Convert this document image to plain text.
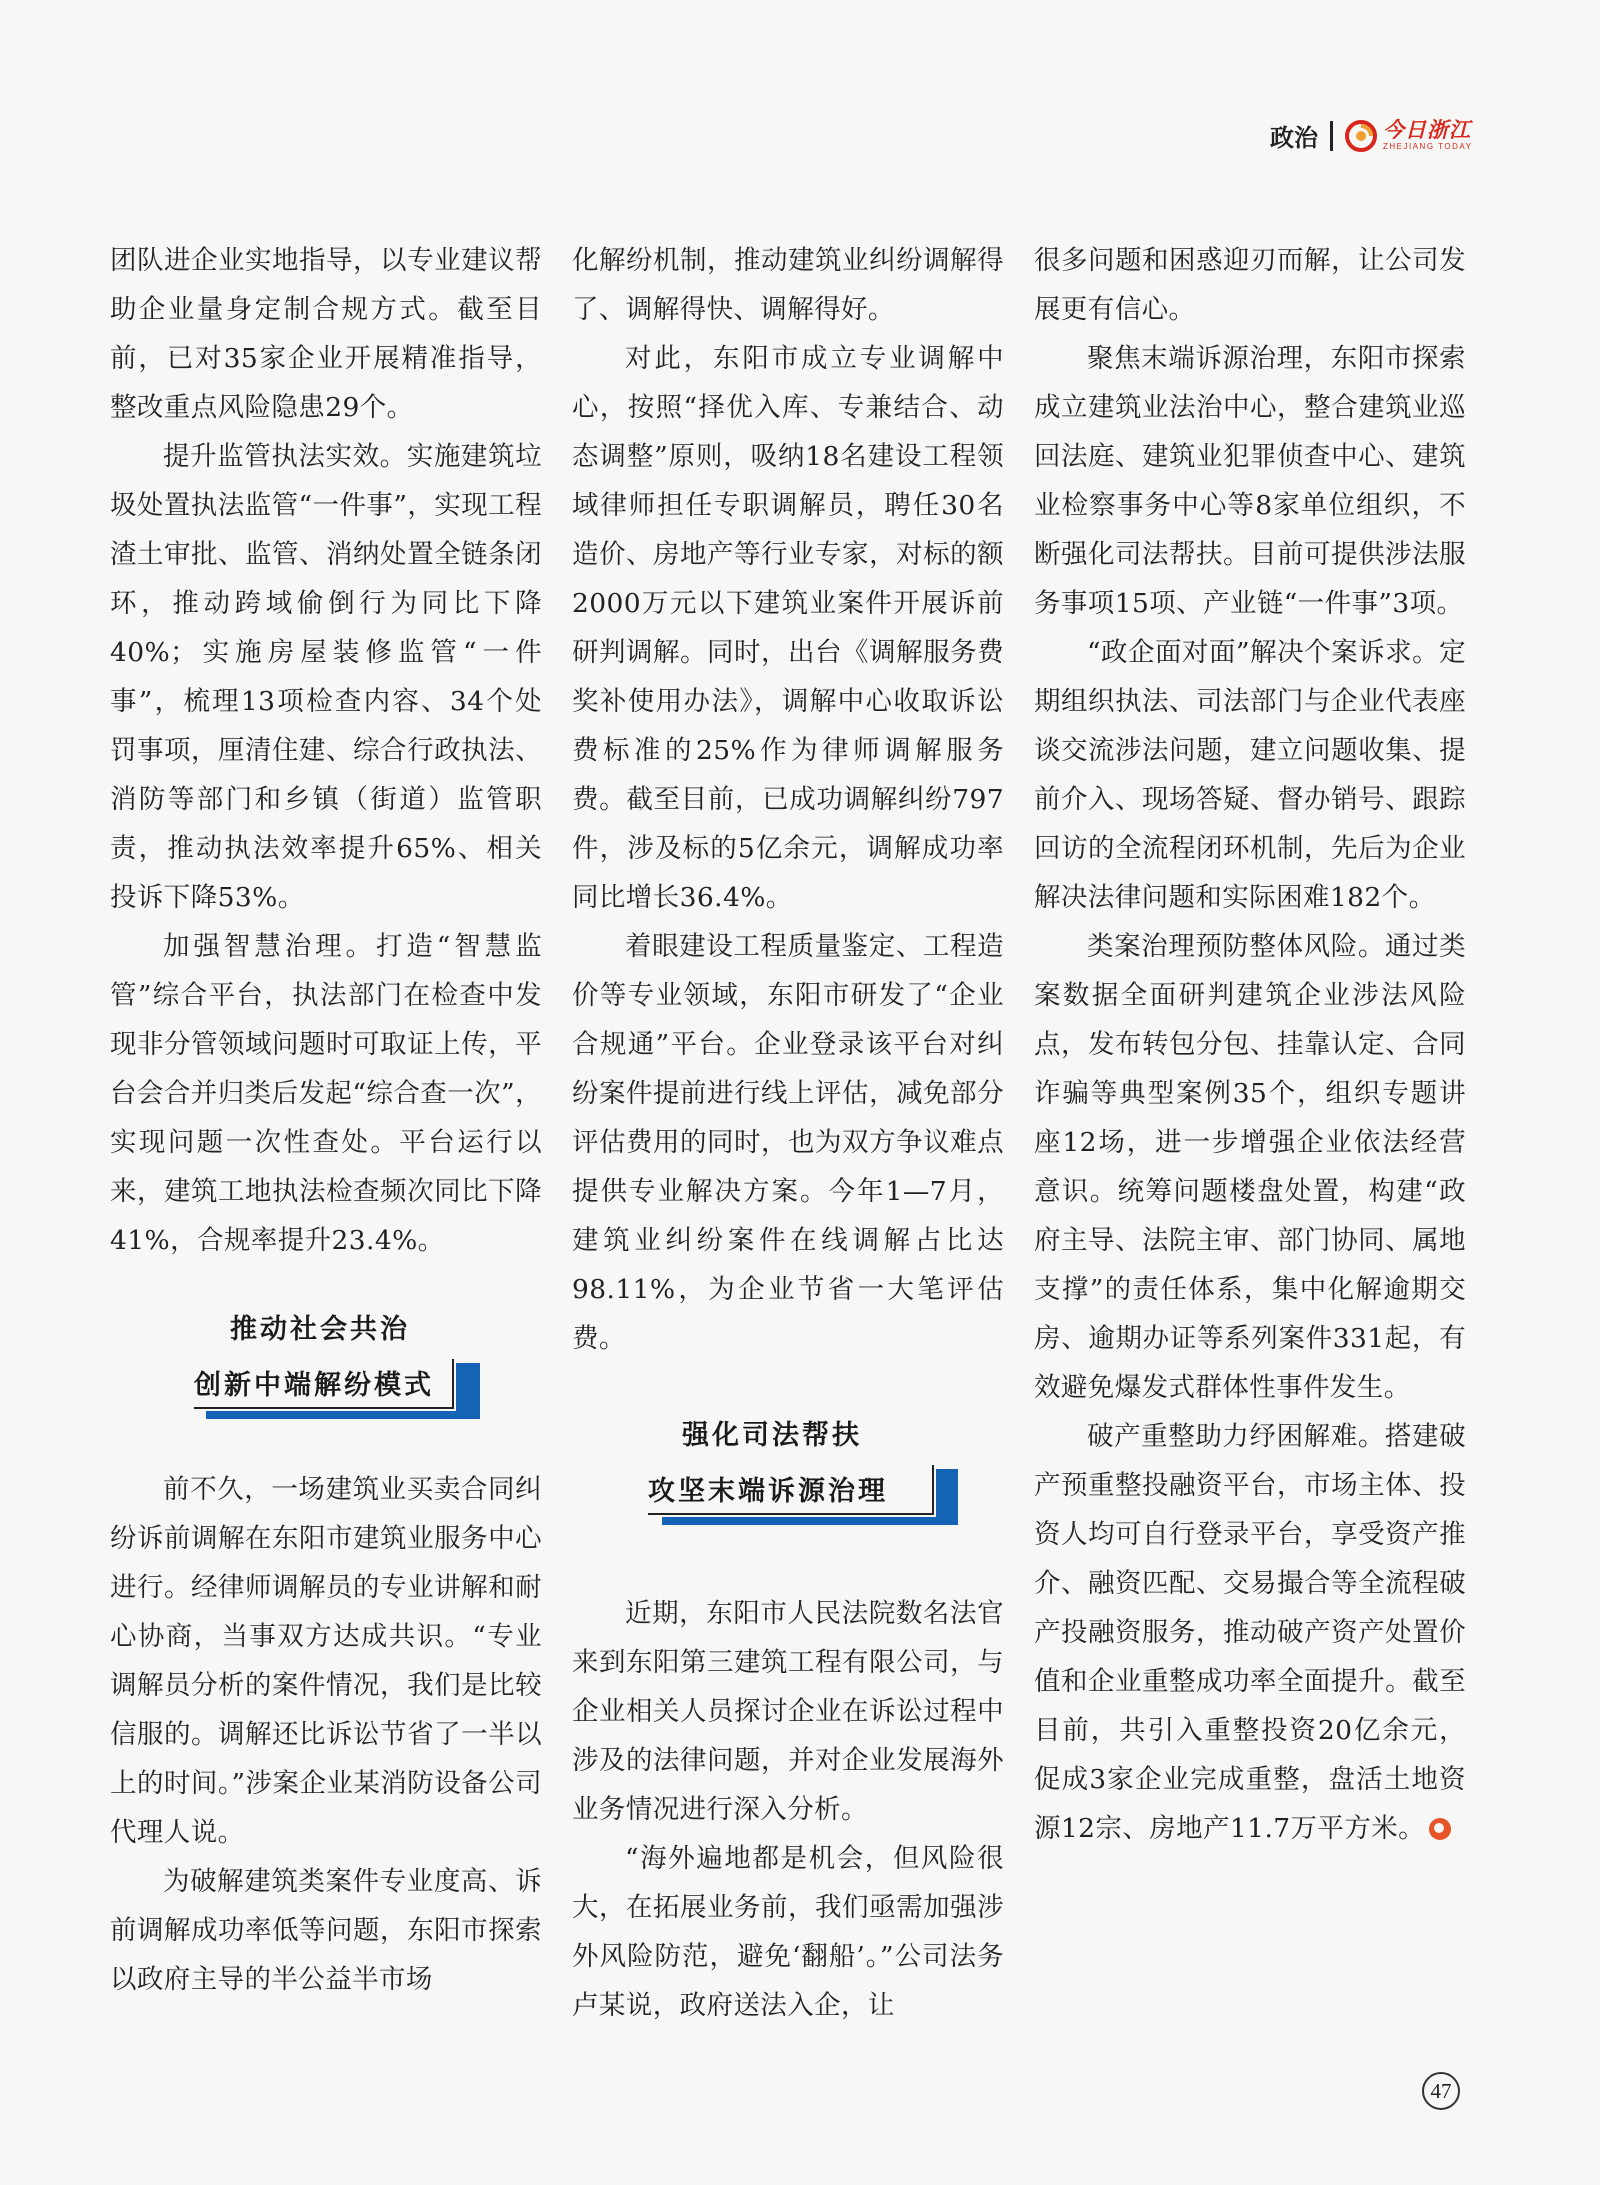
政治	今日浙江
ZHEJIANG TODAY

团队进企业实地指导，以专业建议帮助企业量身定制合规方式。截至目前，已对35家企业开展精准指导，整改重点风险隐患29个。

提升监管执法实效。实施建筑垃圾处置执法监管“一件事”，实现工程渣土审批、监管、消纳处置全链条闭环，推动跨域偷倒行为同比下降40%；实施房屋装修监管“一件事”，梳理13项检查内容、34个处罚事项，厘清住建、综合行政执法、消防等部门和乡镇（街道）监管职责，推动执法效率提升65%、相关投诉下降53%。

加强智慧治理。打造“智慧监管”综合平台，执法部门在检查中发现非分管领域问题时可取证上传，平台会合并归类后发起“综合查一次”，实现问题一次性查处。平台运行以来，建筑工地执法检查频次同比下降41%，合规率提升23.4%。

推动社会共治
创新中端解纷模式

前不久，一场建筑业买卖合同纠纷诉前调解在东阳市建筑业服务中心进行。经律师调解员的专业讲解和耐心协商，当事双方达成共识。“专业调解员分析的案件情况，我们是比较信服的。调解还比诉讼节省了一半以上的时间。”涉案企业某消防设备公司代理人说。

为破解建筑类案件专业度高、诉前调解成功率低等问题，东阳市探索以政府主导的半公益半市场

化解纷机制，推动建筑业纠纷调解得了、调解得快、调解得好。

对此，东阳市成立专业调解中心，按照“择优入库、专兼结合、动态调整”原则，吸纳18名建设工程领域律师担任专职调解员，聘任30名造价、房地产等行业专家，对标的额2000万元以下建筑业案件开展诉前研判调解。同时，出台《调解服务费奖补使用办法》，调解中心收取诉讼费标准的25%作为律师调解服务费。截至目前，已成功调解纠纷797件，涉及标的5亿余元，调解成功率同比增长36.4%。

着眼建设工程质量鉴定、工程造价等专业领域，东阳市研发了“企业合规通”平台。企业登录该平台对纠纷案件提前进行线上评估，减免部分评估费用的同时，也为双方争议难点提供专业解决方案。今年1—7月，建筑业纠纷案件在线调解占比达98.11%，为企业节省一大笔评估费。

强化司法帮扶
攻坚末端诉源治理

近期，东阳市人民法院数名法官来到东阳第三建筑工程有限公司，与企业相关人员探讨企业在诉讼过程中涉及的法律问题，并对企业发展海外业务情况进行深入分析。

“海外遍地都是机会，但风险很大，在拓展业务前，我们亟需加强涉外风险防范，避免‘翻船’。”公司法务卢某说，政府送法入企，让

很多问题和困惑迎刃而解，让公司发展更有信心。

聚焦末端诉源治理，东阳市探索成立建筑业法治中心，整合建筑业巡回法庭、建筑业犯罪侦查中心、建筑业检察事务中心等8家单位组织，不断强化司法帮扶。目前可提供涉法服务事项15项、产业链“一件事”3项。

“政企面对面”解决个案诉求。定期组织执法、司法部门与企业代表座谈交流涉法问题，建立问题收集、提前介入、现场答疑、督办销号、跟踪回访的全流程闭环机制，先后为企业解决法律问题和实际困难182个。

类案治理预防整体风险。通过类案数据全面研判建筑企业涉法风险点，发布转包分包、挂靠认定、合同诈骗等典型案例35个，组织专题讲座12场，进一步增强企业依法经营意识。统筹问题楼盘处置，构建“政府主导、法院主审、部门协同、属地支撑”的责任体系，集中化解逾期交房、逾期办证等系列案件331起，有效避免爆发式群体性事件发生。

破产重整助力纾困解难。搭建破产预重整投融资平台，市场主体、投资人均可自行登录平台，享受资产推介、融资匹配、交易撮合等全流程破产投融资服务，推动破产资产处置价值和企业重整成功率全面提升。截至目前，共引入重整投资20亿余元，促成3家企业完成重整，盘活土地资源12宗、房地产11.7万平方米。

47
